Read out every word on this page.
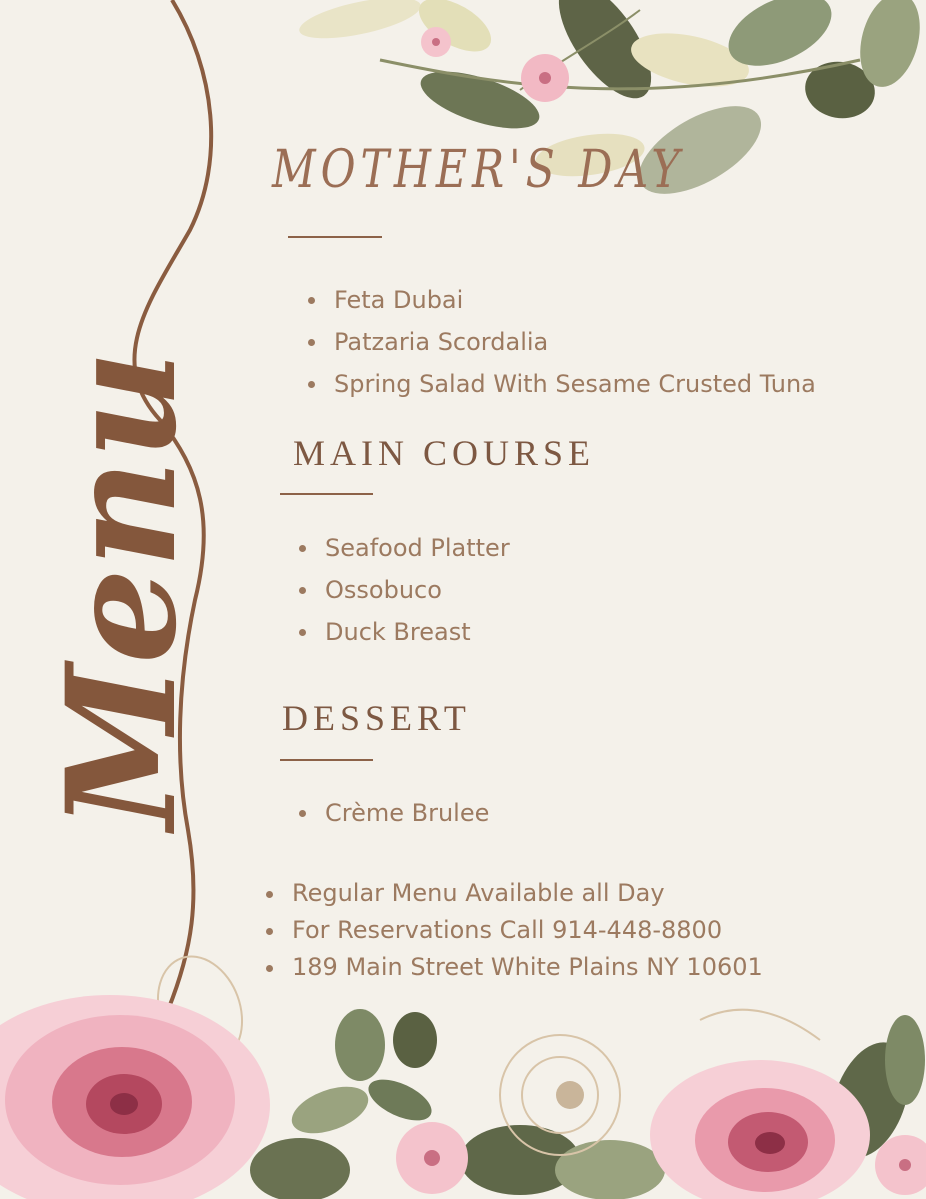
Menu
MOTHER'S DAY
Feta Dubai
Patzaria Scordalia
Spring Salad With Sesame Crusted Tuna
MAIN COURSE
Seafood Platter
Ossobuco
Duck Breast
DESSERT
Crème Brulee
Regular Menu Available all Day
For Reservations Call 914-448-8800
189 Main Street White Plains NY 10601
